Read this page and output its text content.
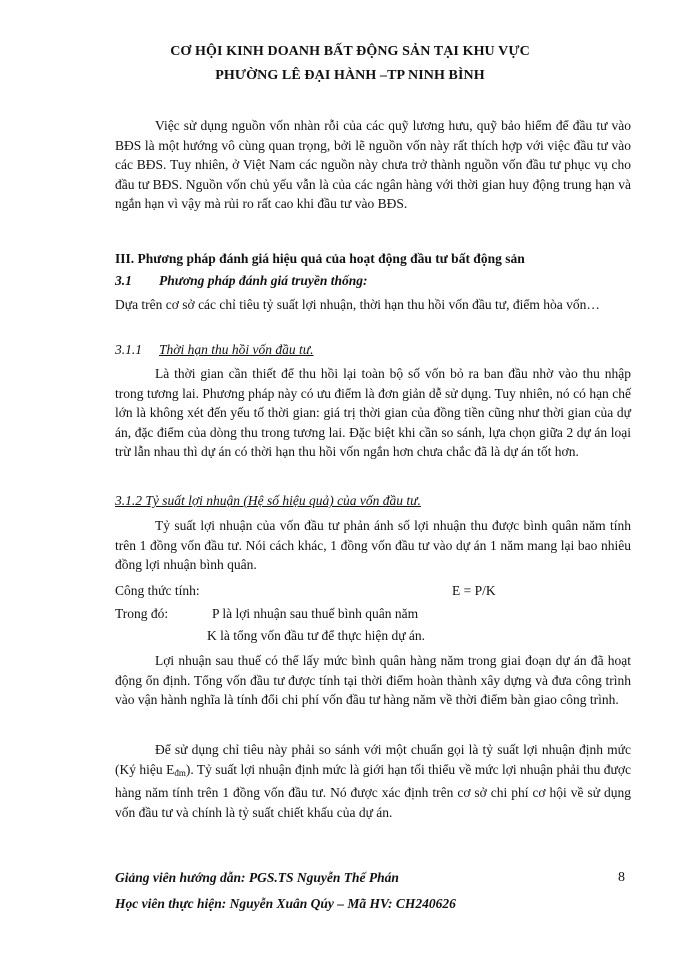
CƠ HỘI KINH DOANH BẤT ĐỘNG SẢN TẠI KHU VỰC
PHƯỜNG LÊ ĐẠI HÀNH –TP NINH BÌNH

Việc sử dụng nguồn vốn nhàn rỗi của các quỹ lương hưu, quỹ bảo hiểm để đầu tư vào BĐS là một hướng vô cùng quan trọng, bởi lẽ nguồn vốn này rất thích hợp với việc đầu tư vào các BĐS. Tuy nhiên, ở Việt Nam các nguồn này chưa trở thành nguồn vốn đầu tư phục vụ cho đầu tư BĐS. Nguồn vốn chủ yếu vẫn là của các ngân hàng với thời gian huy động trung hạn và ngắn hạn vì vậy mà rủi ro rất cao khi đầu tư vào BĐS.

III. Phương pháp đánh giá hiệu quả của hoạt động đầu tư bất động sản

3.1 Phương pháp đánh giá truyền thống:

Dựa trên cơ sở các chỉ tiêu tỷ suất lợi nhuận, thời hạn thu hồi vốn đầu tư, điểm hòa vốn…

3.1.1 Thời hạn thu hồi vốn đầu tư.

Là thời gian cần thiết để thu hồi lại toàn bộ số vốn bỏ ra ban đầu nhờ vào thu nhập trong tương lai. Phương pháp này có ưu điểm là đơn giản dễ sử dụng. Tuy nhiên, nó có hạn chế lớn là không xét đến yếu tố thời gian: giá trị thời gian của đồng tiền cũng như thời gian của dự án, đặc điểm của dòng thu trong tương lai. Đặc biệt khi cần so sánh, lựa chọn giữa 2 dự án loại trừ lẫn nhau thì dự án có thời hạn thu hồi vốn ngắn hơn chưa chắc đã là dự án tốt hơn.

3.1.2 Tỷ suất lợi nhuận (Hệ số hiệu quả) của vốn đầu tư.

Tỷ suất lợi nhuận của vốn đầu tư phản ánh số lợi nhuận thu được bình quân năm tính trên 1 đồng vốn đầu tư. Nói cách khác, 1 đồng vốn đầu tư vào dự án 1 năm mang lại bao nhiêu đồng lợi nhuận bình quân.

Công thức tính:	E = P/K

Trong đó:	P là lợi nhuận sau thuế bình quân năm

K là tổng vốn đầu tư để thực hiện dự án.

Lợi nhuận sau thuế có thể lấy mức bình quân hàng năm trong giai đoạn dự án đã hoạt động ổn định. Tổng vốn đầu tư được tính tại thời điểm hoàn thành xây dựng và đưa công trình vào vận hành nghĩa là tính đổi chi phí vốn đầu tư hàng năm về thời điểm bàn giao công trình.

Để sử dụng chỉ tiêu này phải so sánh với một chuẩn gọi là tỷ suất lợi nhuận định mức (Ký hiệu $E_{đm}$). Tỷ suất lợi nhuận định mức là giới hạn tối thiểu về mức lợi nhuận phải thu được hàng năm tính trên 1 đồng vốn đầu tư. Nó được xác định trên cơ sở chi phí cơ hội về sử dụng vốn đầu tư và chính là tỷ suất chiết khấu của dự án.

Giảng viên hướng dẫn: PGS.TS Nguyễn Thế Phán	8
Học viên thực hiện: Nguyễn Xuân Qúy – Mã HV: CH240626
